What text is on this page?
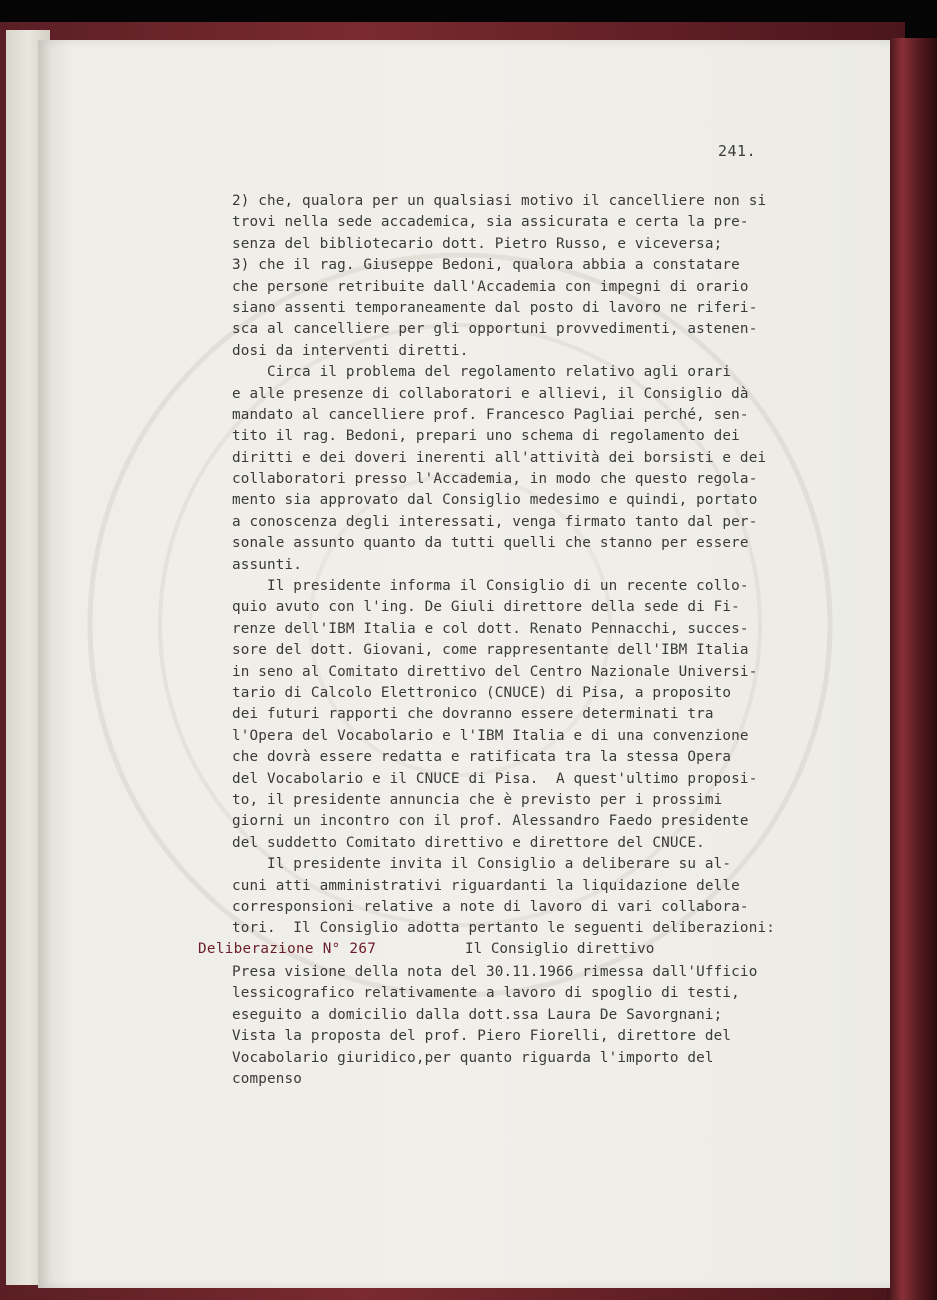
241.
2) che, qualora per un qualsiasi motivo il cancelliere non si
trovi nella sede accademica, sia assicurata e certa la pre-
senza del bibliotecario dott. Pietro Russo, e viceversa;
3) che il rag. Giuseppe Bedoni, qualora abbia a constatare
che persone retribuite dall'Accademia con impegni di orario
siano assenti temporaneamente dal posto di lavoro ne riferi-
sca al cancelliere per gli opportuni provvedimenti, astenen-
dosi da interventi diretti.
Circa il problema del regolamento relativo agli orari
e alle presenze di collaboratori e allievi, il Consiglio dà
mandato al cancelliere prof. Francesco Pagliai perché, sen-
tito il rag. Bedoni, prepari uno schema di regolamento dei
diritti e dei doveri inerenti all'attività dei borsisti e dei
collaboratori presso l'Accademia, in modo che questo regola-
mento sia approvato dal Consiglio medesimo e quindi, portato
a conoscenza degli interessati, venga firmato tanto dal per-
sonale assunto quanto da tutti quelli che stanno per essere
assunti.
Il presidente informa il Consiglio di un recente collo-
quio avuto con l'ing. De Giuli direttore della sede di Fi-
renze dell'IBM Italia e col dott. Renato Pennacchi, succes-
sore del dott. Giovani, come rappresentante dell'IBM Italia
in seno al Comitato direttivo del Centro Nazionale Universi-
tario di Calcolo Elettronico (CNUCE) di Pisa, a proposito
dei futuri rapporti che dovranno essere determinati tra
l'Opera del Vocabolario e l'IBM Italia e di una convenzione
che dovrà essere redatta e ratificata tra la stessa Opera
del Vocabolario e il CNUCE di Pisa.  A quest'ultimo proposi-
to, il presidente annuncia che è previsto per i prossimi
giorni un incontro con il prof. Alessandro Faedo presidente
del suddetto Comitato direttivo e direttore del CNUCE.
Il presidente invita il Consiglio a deliberare su al-
cuni atti amministrativi riguardanti la liquidazione delle
corresponsioni relative a note di lavoro di vari collabora-
tori.  Il Consiglio adotta pertanto le seguenti deliberazioni:
Deliberazione N° 267	Il Consiglio direttivo
Presa visione della nota del 30.11.1966 rimessa dall'Ufficio
lessicografico relativamente a lavoro di spoglio di testi,
eseguito a domicilio dalla dott.ssa Laura De Savorgnani;
Vista la proposta del prof. Piero Fiorelli, direttore del
Vocabolario giuridico,per quanto riguarda l'importo del
compenso
